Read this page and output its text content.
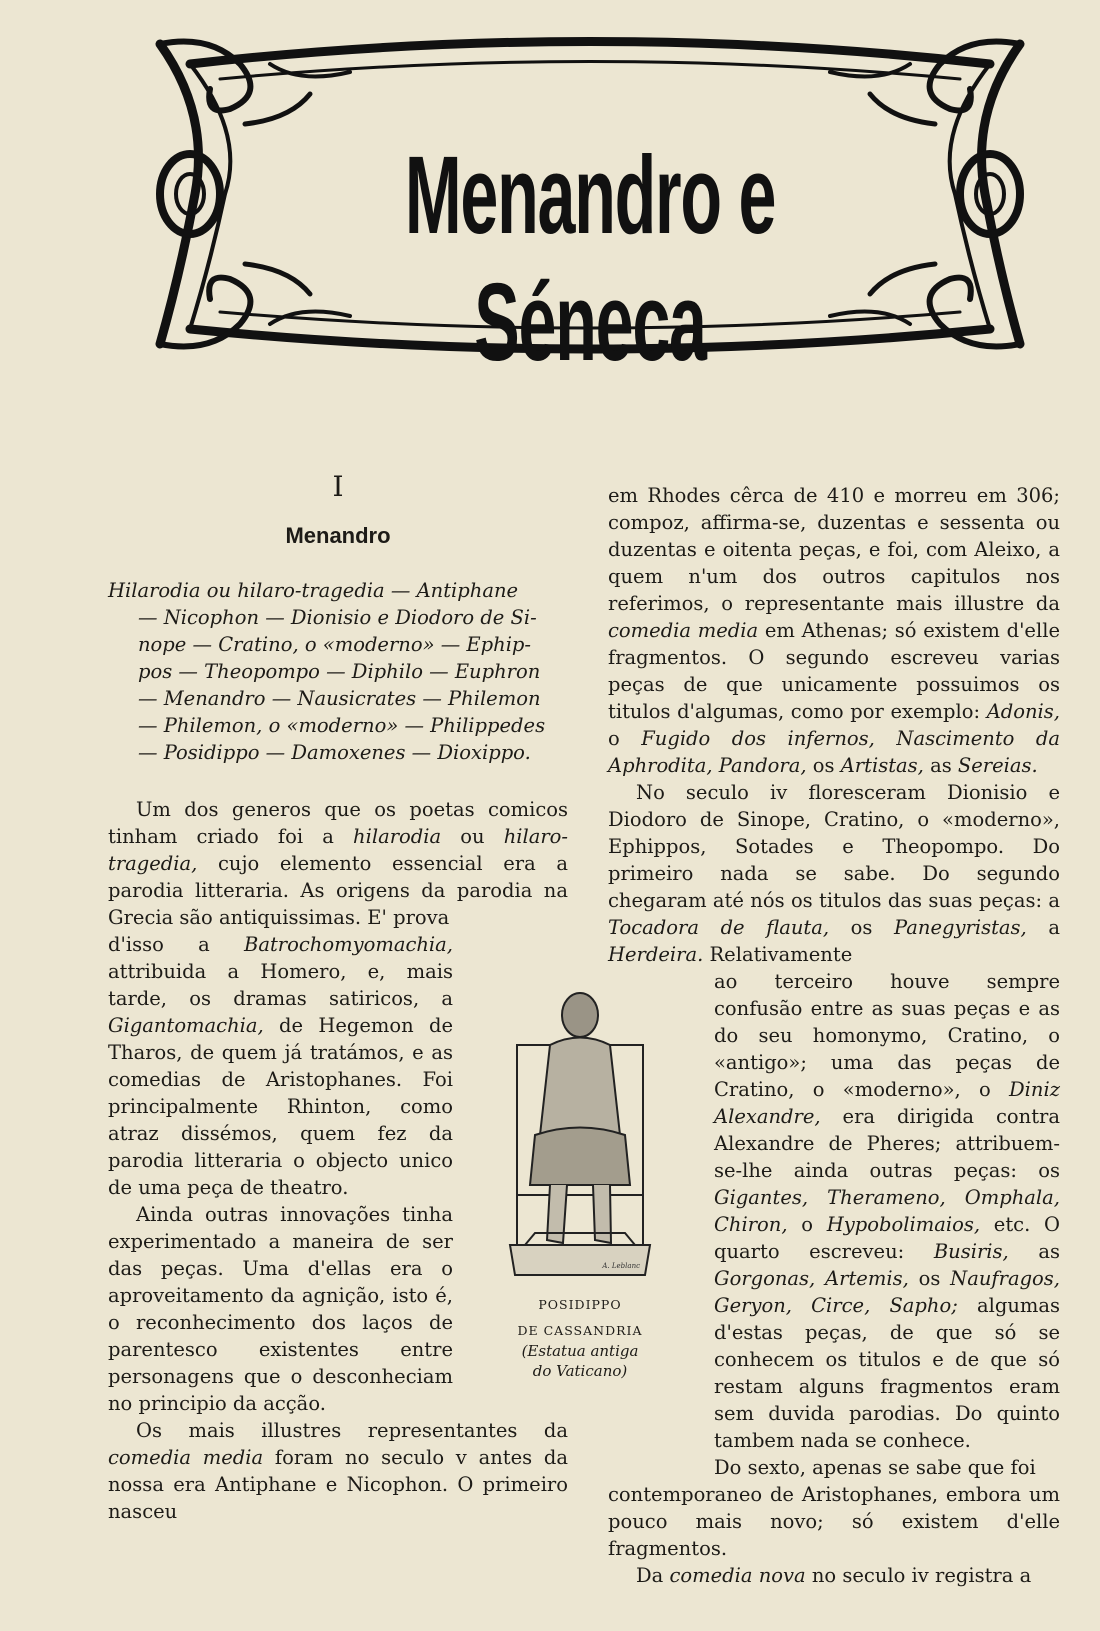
Menandro e Séneca
I
Menandro

Hilarodia ou hilaro-tragedia — Antiphane

— Nicophon — Dionisio e Diodoro de Si-

nope — Cratino, o «moderno» — Ephip-

pos — Theopompo — Diphilo — Euphron

— Menandro — Nausicrates — Philemon

— Philemon, o «moderno» — Philippedes

— Posidippo — Damoxenes — Dioxippo.

Um dos generos que os poetas comicos tinham criado foi a hilarodia ou hilaro-tragedia, cujo elemento essencial era a parodia litteraria. As origens da parodia na Grecia são antiquissimas. E' prova

d'isso a Batrochomyomachia, attribuida a Homero, e, mais tarde, os dramas satiricos, a Gigantomachia, de Hegemon de Tharos, de quem já tratámos, e as comedias de Aristophanes. Foi principalmente Rhinton, como atraz dissémos, quem fez da parodia litteraria o objecto unico de uma peça de theatro.

Ainda outras innovações tinha experimentado a maneira de ser das peças. Uma d'ellas era o aproveitamento da agnição, isto é, o reconhecimento dos laços de parentesco existentes entre personagens que o desconheciam no principio da acção.

Os mais illustres representantes da comedia media foram no seculo v antes da nossa era Antiphane e Nicophon. O primeiro nasceu

A. Leblanc
POSIDIPPO
DE CASSANDRIA
(Estatua antiga
do Vaticano)

em Rhodes cêrca de 410 e morreu em 306; compoz, affirma-se, duzentas e sessenta ou duzentas e oitenta peças, e foi, com Aleixo, a quem n'um dos outros capitulos nos referimos, o representante mais illustre da comedia media em Athenas; só existem d'elle fragmentos. O segundo escreveu varias peças de que unicamente possuimos os titulos d'algumas, como por exemplo: Adonis, o Fugido dos infernos, Nascimento da Aphrodita, Pandora, os Artistas, as Sereias.

No seculo iv floresceram Dionisio e Diodoro de Sinope, Cratino, o «moderno», Ephippos, Sotades e Theopompo. Do primeiro nada se sabe. Do segundo chegaram até nós os titulos das suas peças: a Tocadora de flauta, os Panegyristas, a Herdeira. Relativamente

ao terceiro houve sempre confusão entre as suas peças e as do seu homonymo, Cratino, o «antigo»; uma das peças de Cratino, o «moderno», o Diniz Alexandre, era dirigida contra Alexandre de Pheres; attribuem-se-lhe ainda outras peças: os Gigantes, Therameno, Omphala, Chiron, o Hypobolimaios, etc. O quarto escreveu: Busiris, as Gorgonas, Artemis, os Naufragos, Geryon, Circe, Sapho; algumas d'estas peças, de que só se conhecem os titulos e de que só restam alguns fragmentos eram sem duvida parodias. Do quinto tambem nada se conhece.

Do sexto, apenas se sabe que foi

contemporaneo de Aristophanes, embora um pouco mais novo; só existem d'elle fragmentos.

Da comedia nova no seculo iv registra a
